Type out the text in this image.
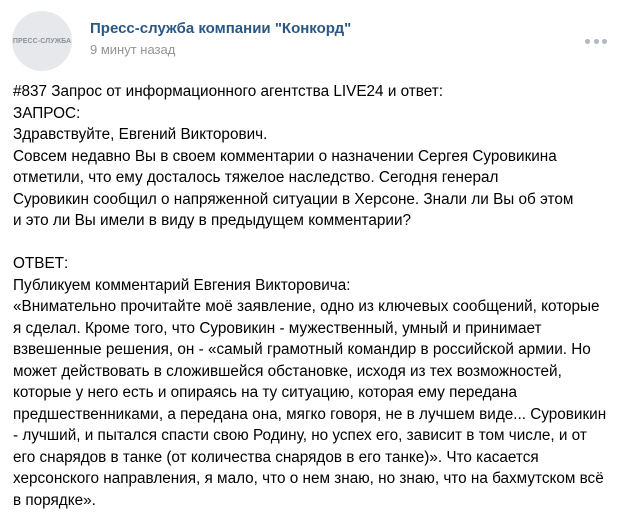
ПРЕСС-СЛУЖБА
Пресс-служба компании "Конкорд"
9 минут назад
#837 Запрос от информационного агентства LIVE24 и ответ:
ЗАПРОС:
Здравствуйте, Евгений Викторович.
Совсем недавно Вы в своем комментарии о назначении Сергея Суровикина
отметили, что ему досталось тяжелое наследство. Сегодня генерал
Суровикин сообщил о напряженной ситуации в Херсоне. Знали ли Вы об этом
и это ли Вы имели в виду в предыдущем комментарии?
ОТВЕТ:
Публикуем комментарий Евгения Викторовича:
«Внимательно прочитайте моё заявление, одно из ключевых сообщений, которые
я сделал. Кроме того, что Суровикин - мужественный, умный и принимает
взвешенные решения, он - «самый грамотный командир в российской армии. Но
может действовать в сложившейся обстановке, исходя из тех возможностей,
которые у него есть и опираясь на ту ситуацию, которая ему передана
предшественниками, а передана она, мягко говоря, не в лучшем виде... Суровикин
- лучший, и пытался спасти свою Родину, но успех его, зависит в том числе, и от
его снарядов в танке (от количества снарядов в его танке)». Что касается
херсонского направления, я мало, что о нем знаю, но знаю, что на бахмутском всё
в порядке».
